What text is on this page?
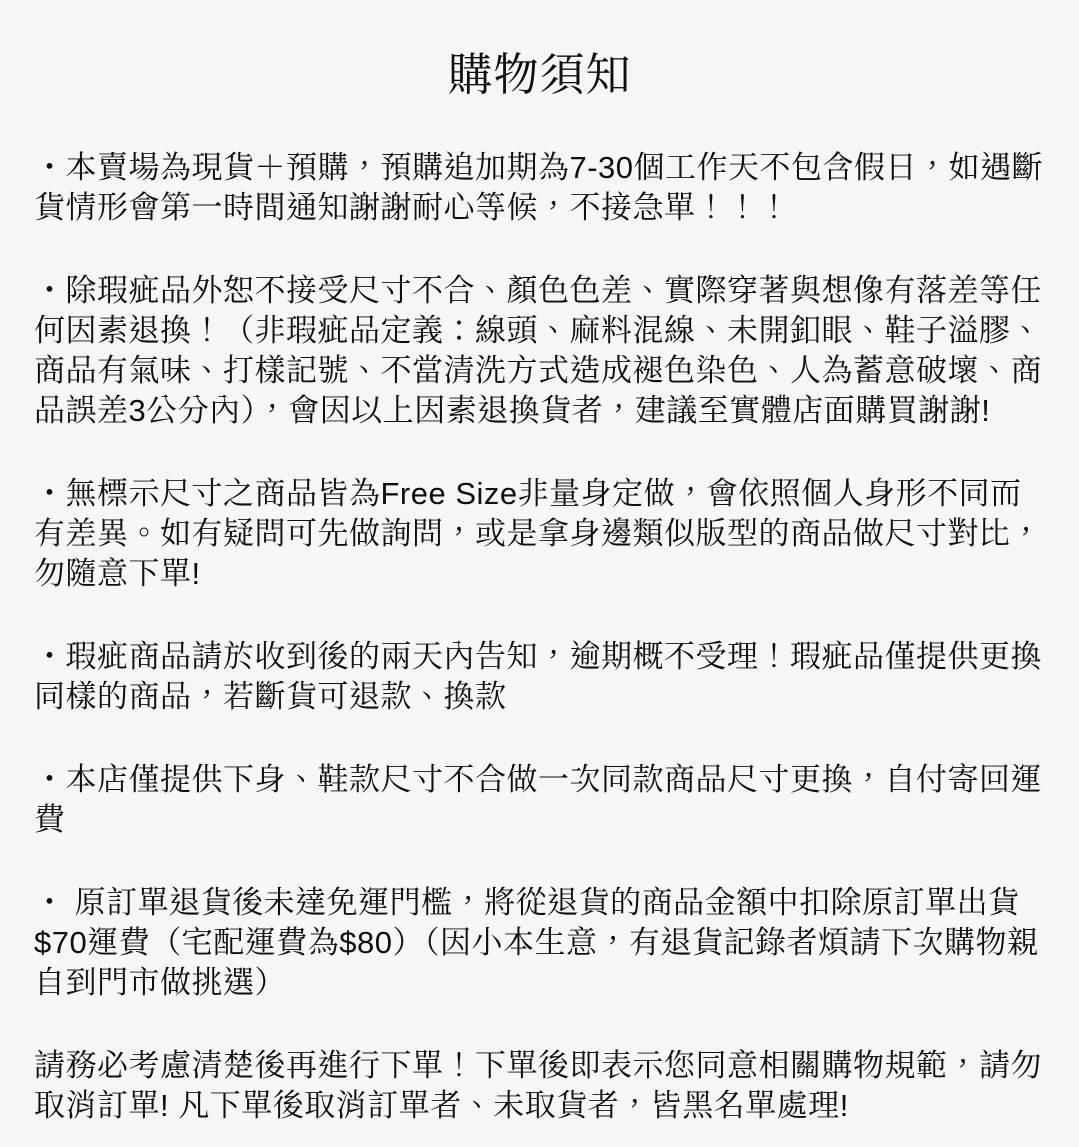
購物須知

・本賣場為現貨＋預購，預購追加期為7-30個工作天不包含假日，如遇斷貨情形會第一時間通知謝謝耐心等候，不接急單！！！

・除瑕疵品外恕不接受尺寸不合、顏色色差、實際穿著與想像有落差等任何因素退換！（非瑕疵品定義：線頭、麻料混線、未開釦眼、鞋子溢膠、商品有氣味、打樣記號、不當清洗方式造成褪色染色、人為蓄意破壞、商品誤差3公分內），會因以上因素退換貨者，建議至實體店面購買謝謝!

・無標示尺寸之商品皆為Free Size非量身定做，會依照個人身形不同而有差異。如有疑問可先做詢問，或是拿身邊類似版型的商品做尺寸對比，勿隨意下單!

・瑕疵商品請於收到後的兩天內告知，逾期概不受理！瑕疵品僅提供更換同樣的商品，若斷貨可退款、換款

・本店僅提供下身、鞋款尺寸不合做一次同款商品尺寸更換，自付寄回運費

・ 原訂單退貨後未達免運門檻，將從退貨的商品金額中扣除原訂單出貨$70運費（宅配運費為$80）（因小本生意，有退貨記錄者煩請下次購物親自到門市做挑選）

請務必考慮清楚後再進行下單！下單後即表示您同意相關購物規範，請勿取消訂單! 凡下單後取消訂單者、未取貨者，皆黑名單處理!
